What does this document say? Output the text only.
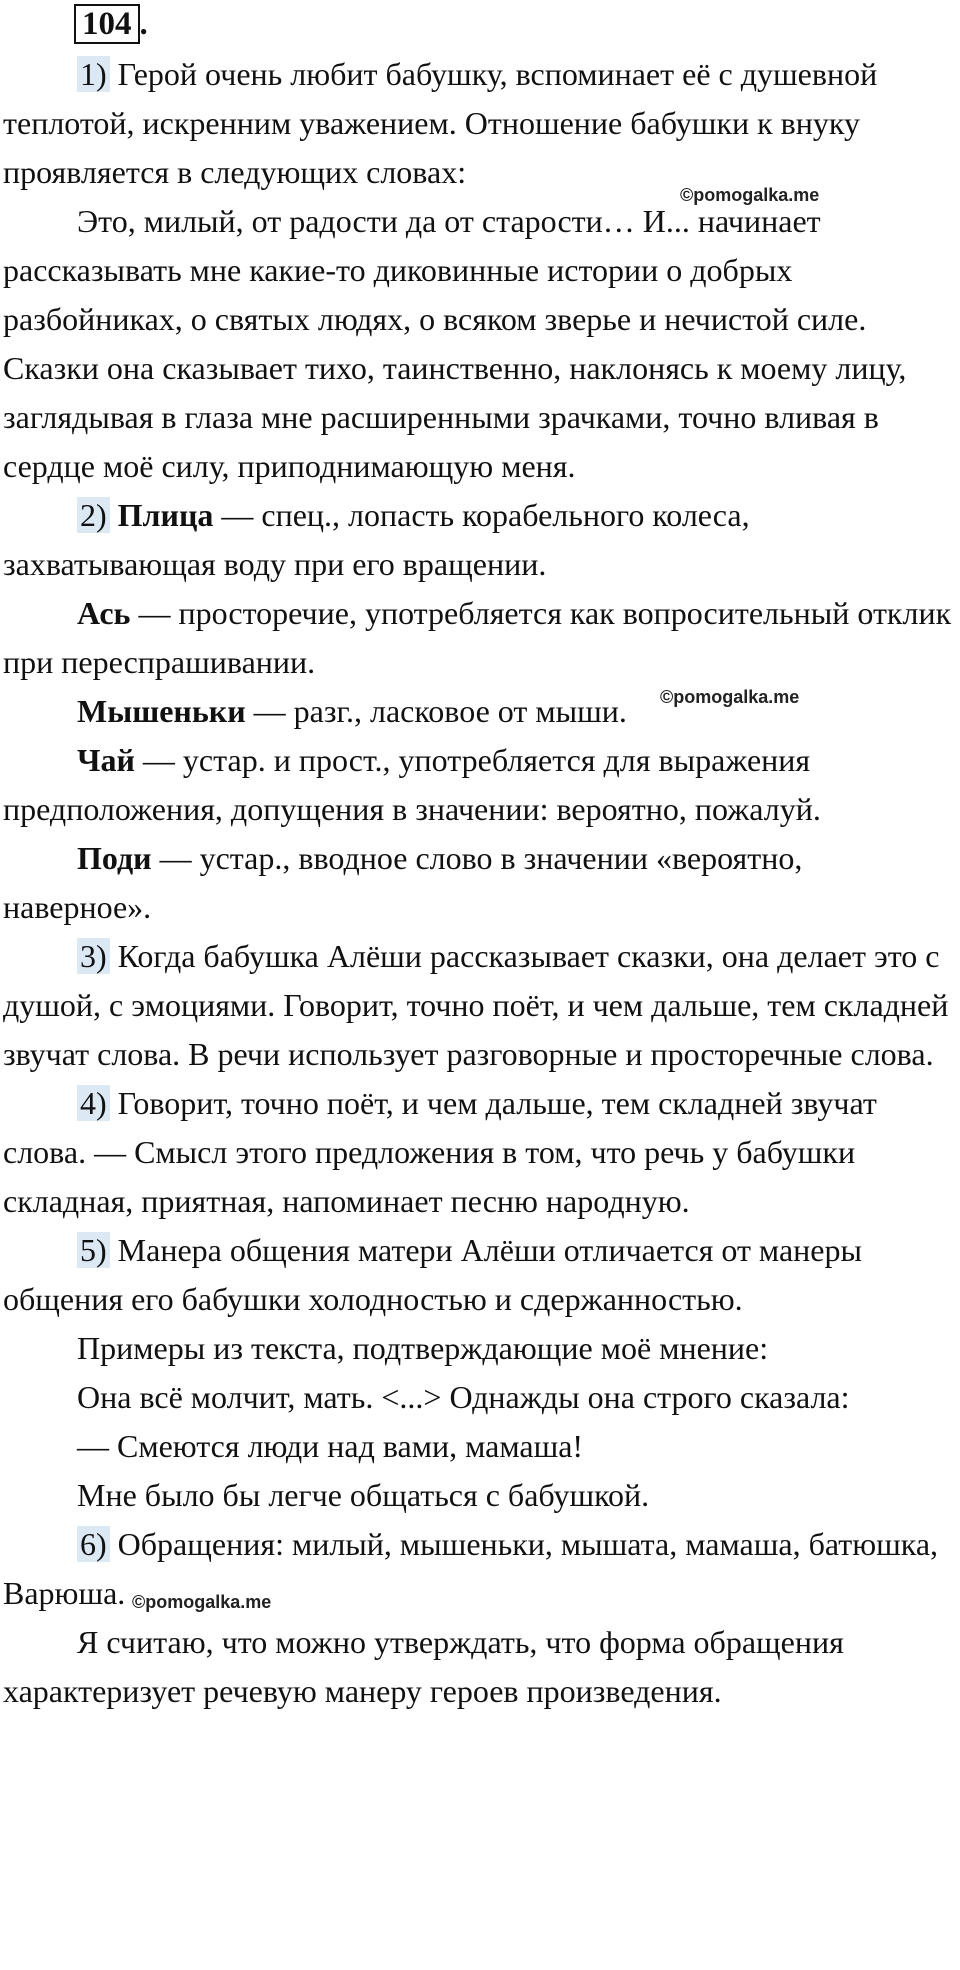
104 .

1) Герой очень любит бабушку, вспоминает её с душевной теплотой, искренним уважением. Отношение бабушки к внуку проявляется в следующих словах:

Это, милый, от радости да от старости… И... начинает рассказывать мне какие-то диковинные истории о добрых разбойниках, о святых людях, о всяком зверье и нечистой силе. Сказки она сказывает тихо, таинственно, наклонясь к моему лицу, заглядывая в глаза мне расширенными зрачками, точно вливая в сердце моё силу, приподнимающую меня.

2) Плица — спец., лопасть корабельного колеса, захватывающая воду при его вращении.

Ась — просторечие, употребляется как вопросительный отклик при переспрашивании.

Мышеньки — разг., ласковое от мыши.

Чай — устар. и прост., употребляется для выражения предположения, допущения в значении: вероятно, пожалуй.

Поди — устар., вводное слово в значении «вероятно, наверное».

3) Когда бабушка Алёши рассказывает сказки, она делает это с душой, с эмоциями. Говорит, точно поёт, и чем дальше, тем складней звучат слова. В речи использует разговорные и просторечные слова.

4) Говорит, точно поёт, и чем дальше, тем складней звучат слова. — Смысл этого предложения в том, что речь у бабушки складная, приятная, напоминает песню народную.

5) Манера общения матери Алёши отличается от манеры общения его бабушки холодностью и сдержанностью.

Примеры из текста, подтверждающие моё мнение:

Она всё молчит, мать. <...> Однажды она строго сказала:

— Смеются люди над вами, мамаша!

Мне было бы легче общаться с бабушкой.

6) Обращения: милый, мышеньки, мышата, мамаша, батюшка, Варюша.

Я считаю, что можно утверждать, что форма обращения характеризует речевую манеру героев произведения.

©pomogalka.me
©pomogalka.me
©pomogalka.me
